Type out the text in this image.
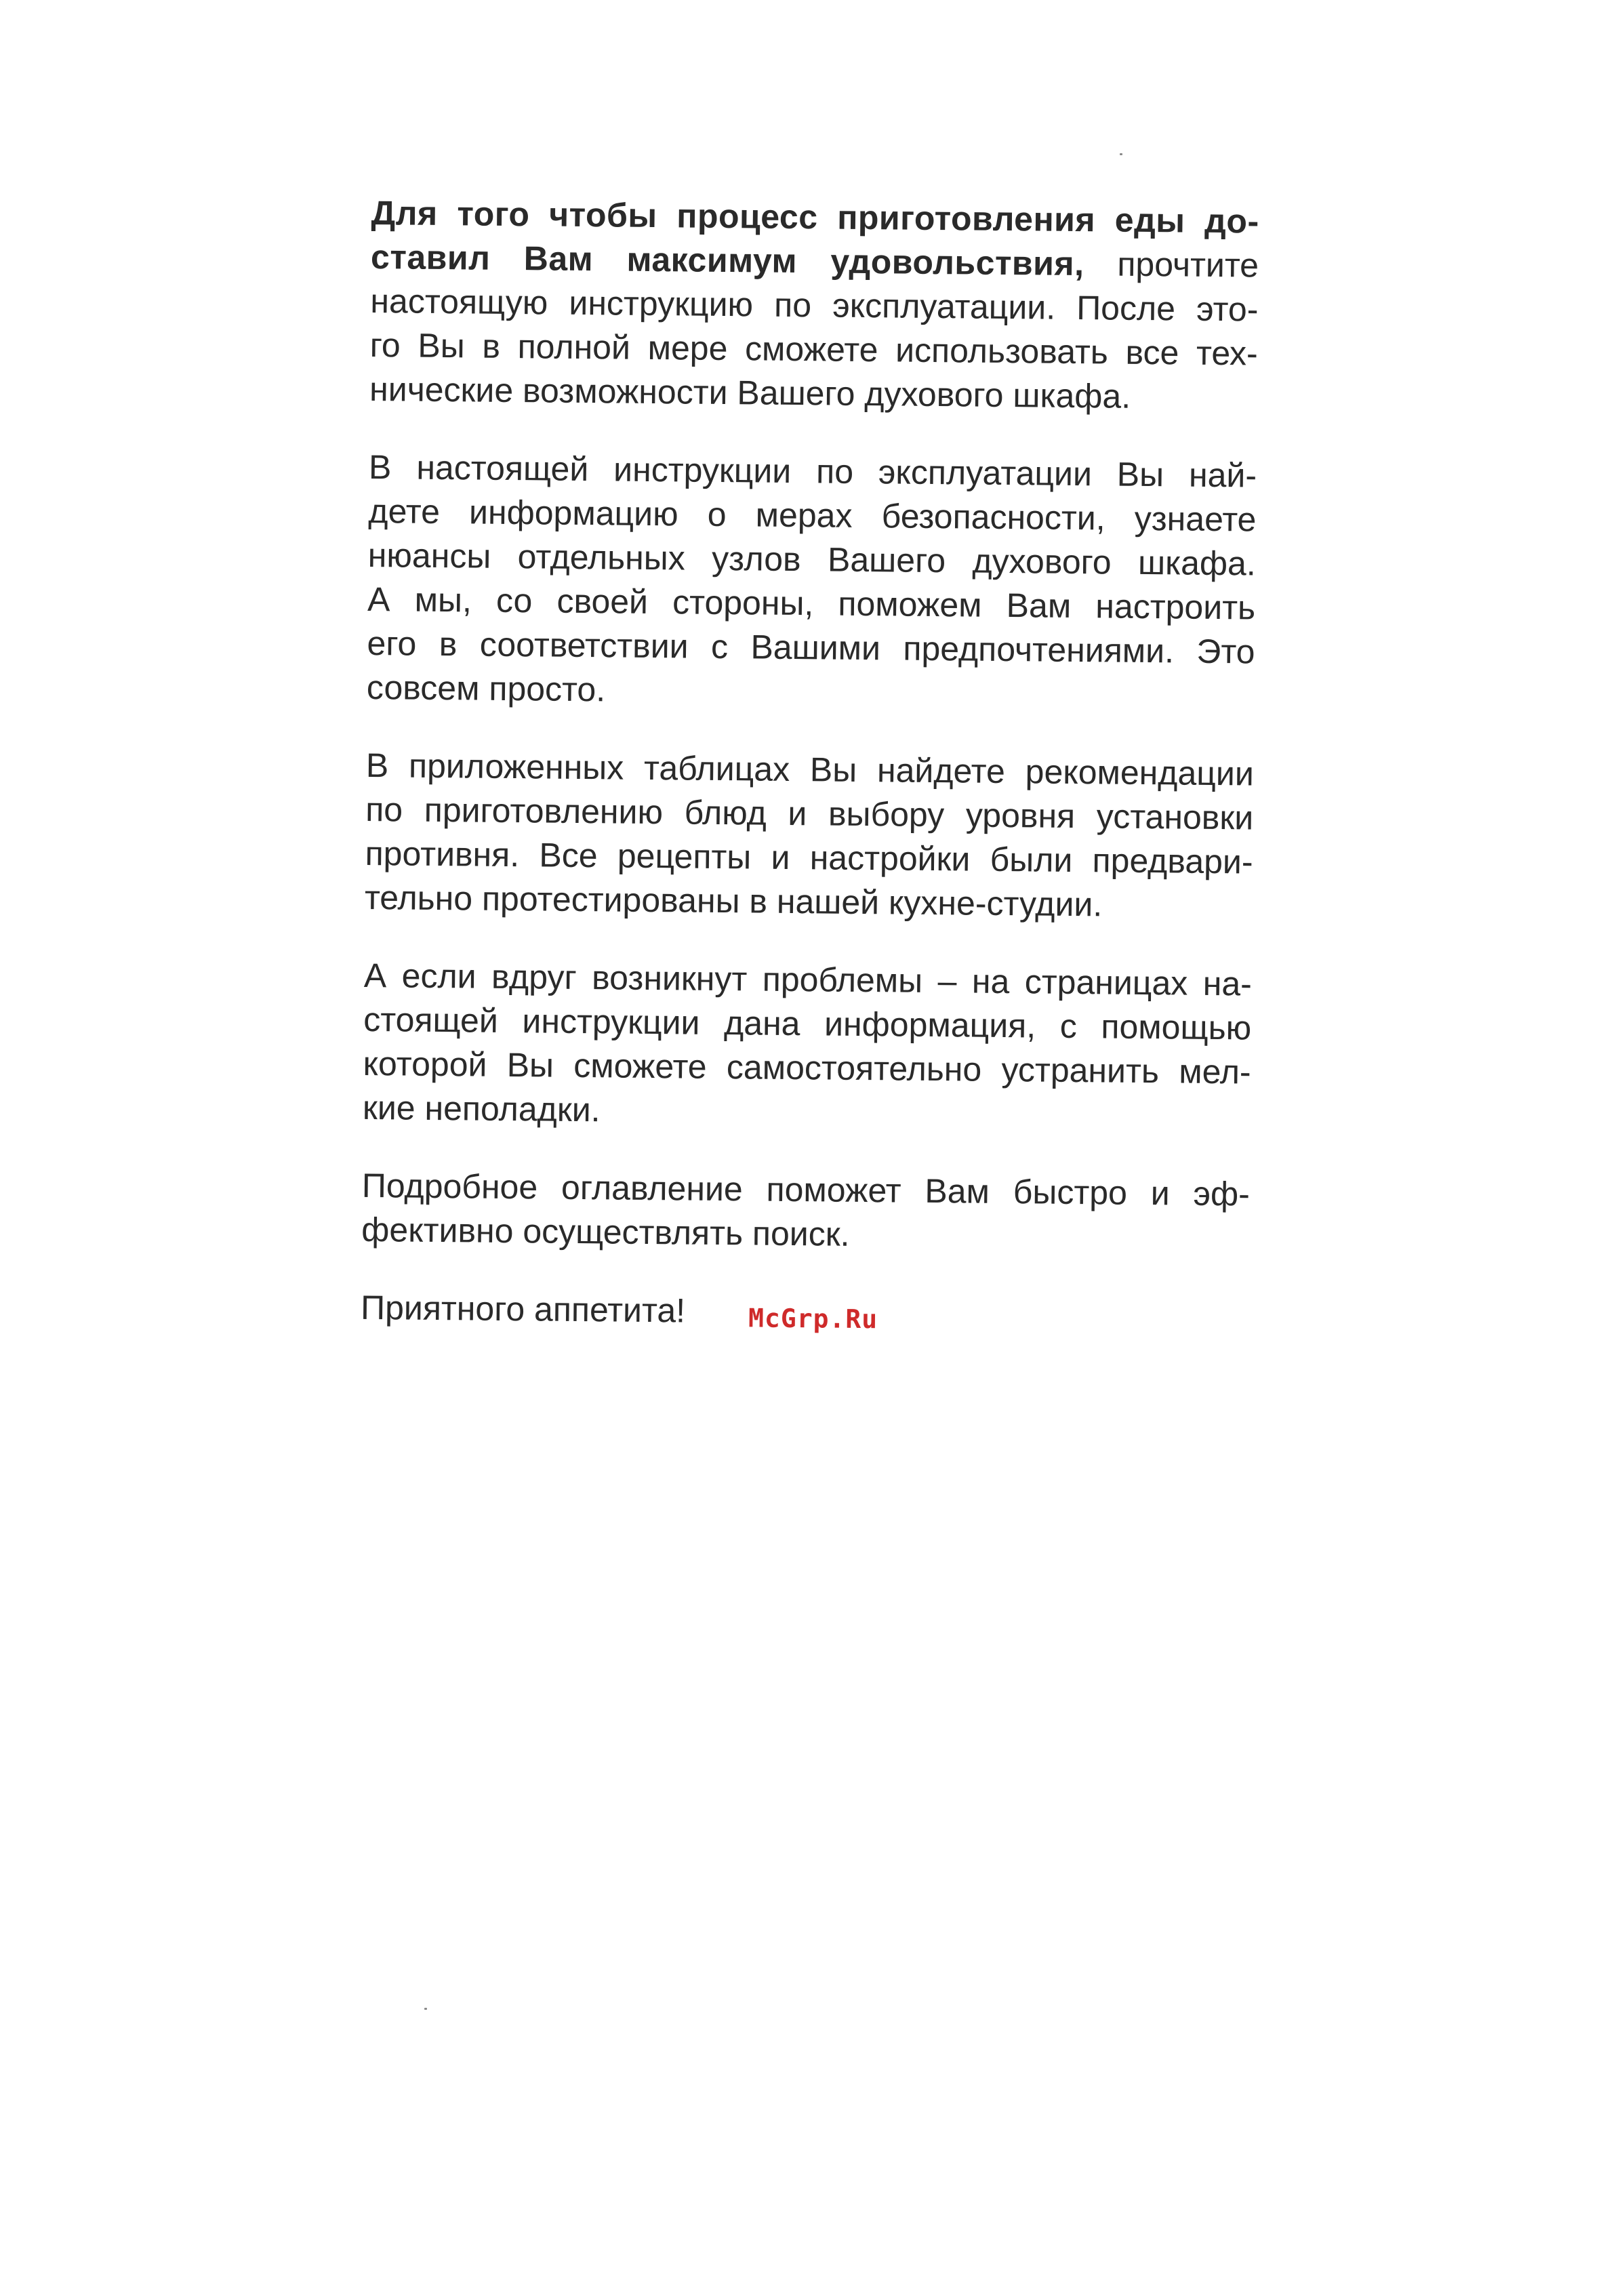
Для того чтобы процесс приготовления еды до-
ставил Вам максимум удовольствия, прочтите
настоящую инструкцию по эксплуатации. После это-
го Вы в полной мере сможете использовать все тех-
нические возможности Вашего духового шкафа.
В настоящей инструкции по эксплуатации Вы най-
дете информацию о мерах безопасности, узнаете
нюансы отдельных узлов Вашего духового шкафа.
А мы, со своей стороны, поможем Вам настроить
его в соответствии с Вашими предпочтениями. Это
совсем просто.
В приложенных таблицах Вы найдете рекомендации
по приготовлению блюд и выбору уровня установки
противня. Все рецепты и настройки были предвари-
тельно протестированы в нашей кухне-студии.
А если вдруг возникнут проблемы – на страницах на-
стоящей инструкции дана информация, с помощью
которой Вы сможете самостоятельно устранить мел-
кие неполадки.
Подробное оглавление поможет Вам быстро и эф-
фективно осуществлять поиск.
Приятного аппетита! McGrp.Ru
